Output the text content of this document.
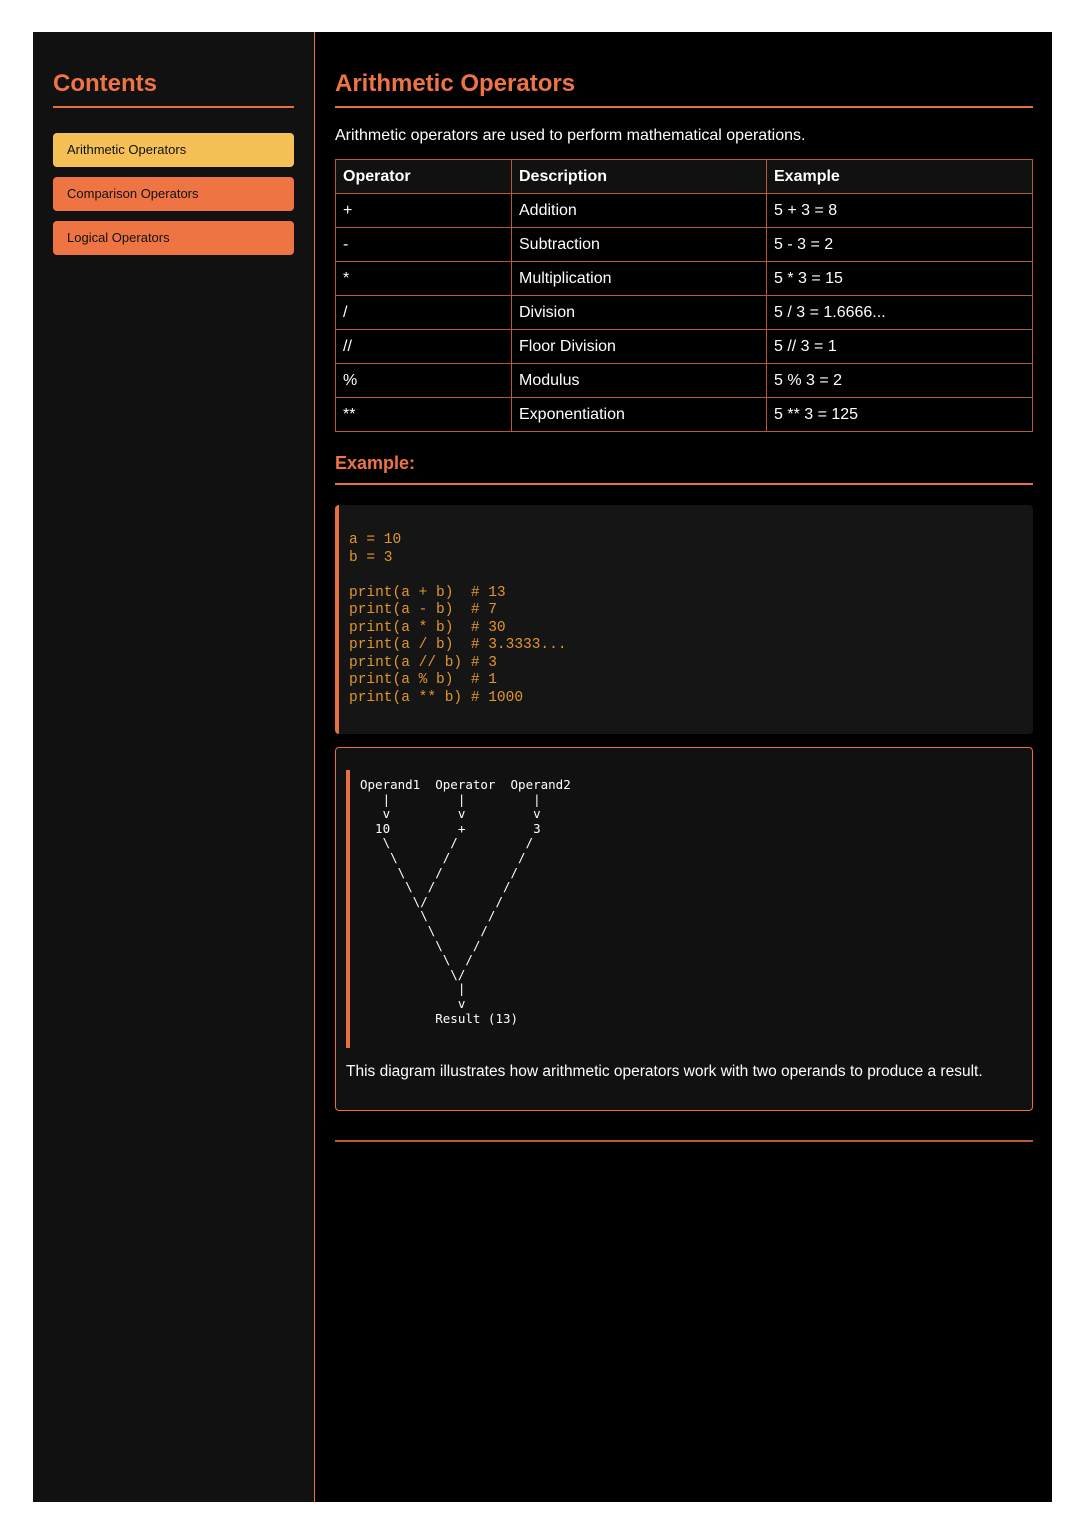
Contents
Arithmetic Operators
Comparison Operators
Logical Operators
Arithmetic Operators

Arithmetic operators are used to perform mathematical operations.

Operator	Description	Example
+	Addition	5 + 3 = 8
-	Subtraction	5 - 3 = 2
*	Multiplication	5 * 3 = 15
/	Division	5 / 3 = 1.6666...
//	Floor Division	5 // 3 = 1
%	Modulus	5 % 3 = 2
**	Exponentiation	5 ** 3 = 125
Example:
a = 10
b = 3

print(a + b)  # 13
print(a - b)  # 7
print(a * b)  # 30
print(a / b)  # 3.3333...
print(a // b) # 3
print(a % b)  # 1
print(a ** b) # 1000
Operand1  Operator  Operand2
|         |         |
v         v         v
10         +         3
\        /         /
\      /         /
\    /         /
\  /         /
\/         /
\        /
\      /
\    /
\  /
\/
|
v
Result (13)

This diagram illustrates how arithmetic operators work with two operands to produce a result.
